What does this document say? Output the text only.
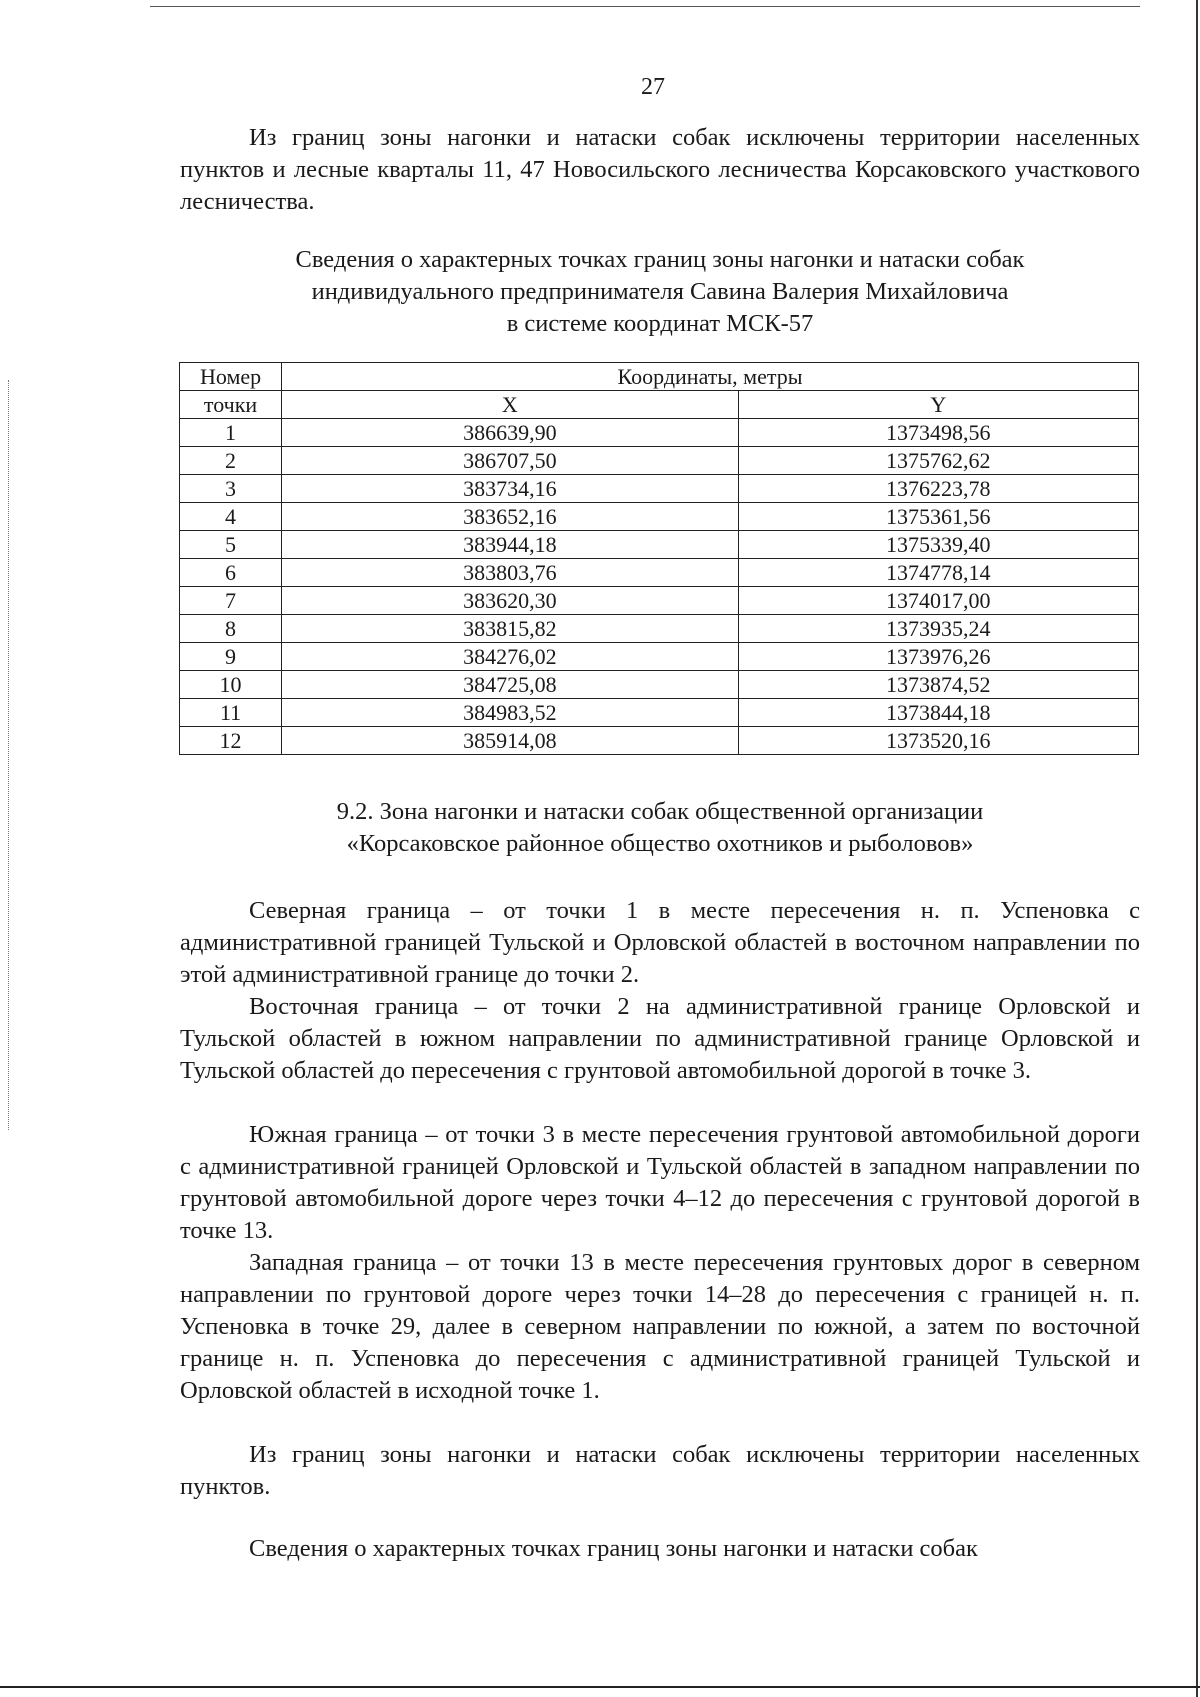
27
Из границ зоны нагонки и натаски собак исключены территории населенных пунктов и лесные кварталы 11, 47 Новосильского лесничества Корсаковского участкового лесничества.
Сведения о характерных точках границ зоны нагонки и натаски собак
индивидуального предпринимателя Савина Валерия Михайловича
в системе координат МСК-57
Номер	Координаты, метры	
точки	X	Y
1	386639,90	1373498,56
2	386707,50	1375762,62
3	383734,16	1376223,78
4	383652,16	1375361,56
5	383944,18	1375339,40
6	383803,76	1374778,14
7	383620,30	1374017,00
8	383815,82	1373935,24
9	384276,02	1373976,26
10	384725,08	1373874,52
11	384983,52	1373844,18
12	385914,08	1373520,16
9.2. Зона нагонки и натаски собак общественной организации
«Корсаковское районное общество охотников и рыболовов»
Северная граница – от точки 1 в месте пересечения н. п. Успеновка с административной границей Тульской и Орловской областей в восточном направлении по этой административной границе до точки 2.
Восточная граница – от точки 2 на административной границе Орловской и Тульской областей в южном направлении по административной границе Орловской и Тульской областей до пересечения с грунтовой автомобильной дорогой в точке 3.
Южная граница – от точки 3 в месте пересечения грунтовой автомобильной дороги с административной границей Орловской и Тульской областей в западном направлении по грунтовой автомобильной дороге через точки 4–12 до пересечения с грунтовой дорогой в точке 13.
Западная граница – от точки 13 в месте пересечения грунтовых дорог в северном направлении по грунтовой дороге через точки 14–28 до пересечения с границей н. п. Успеновка в точке 29, далее в северном направлении по южной, а затем по восточной границе н. п. Успеновка до пересечения с административной границей Тульской и Орловской областей в исходной точке 1.
Из границ зоны нагонки и натаски собак исключены территории населенных пунктов.
Сведения о характерных точках границ зоны нагонки и натаски собак
